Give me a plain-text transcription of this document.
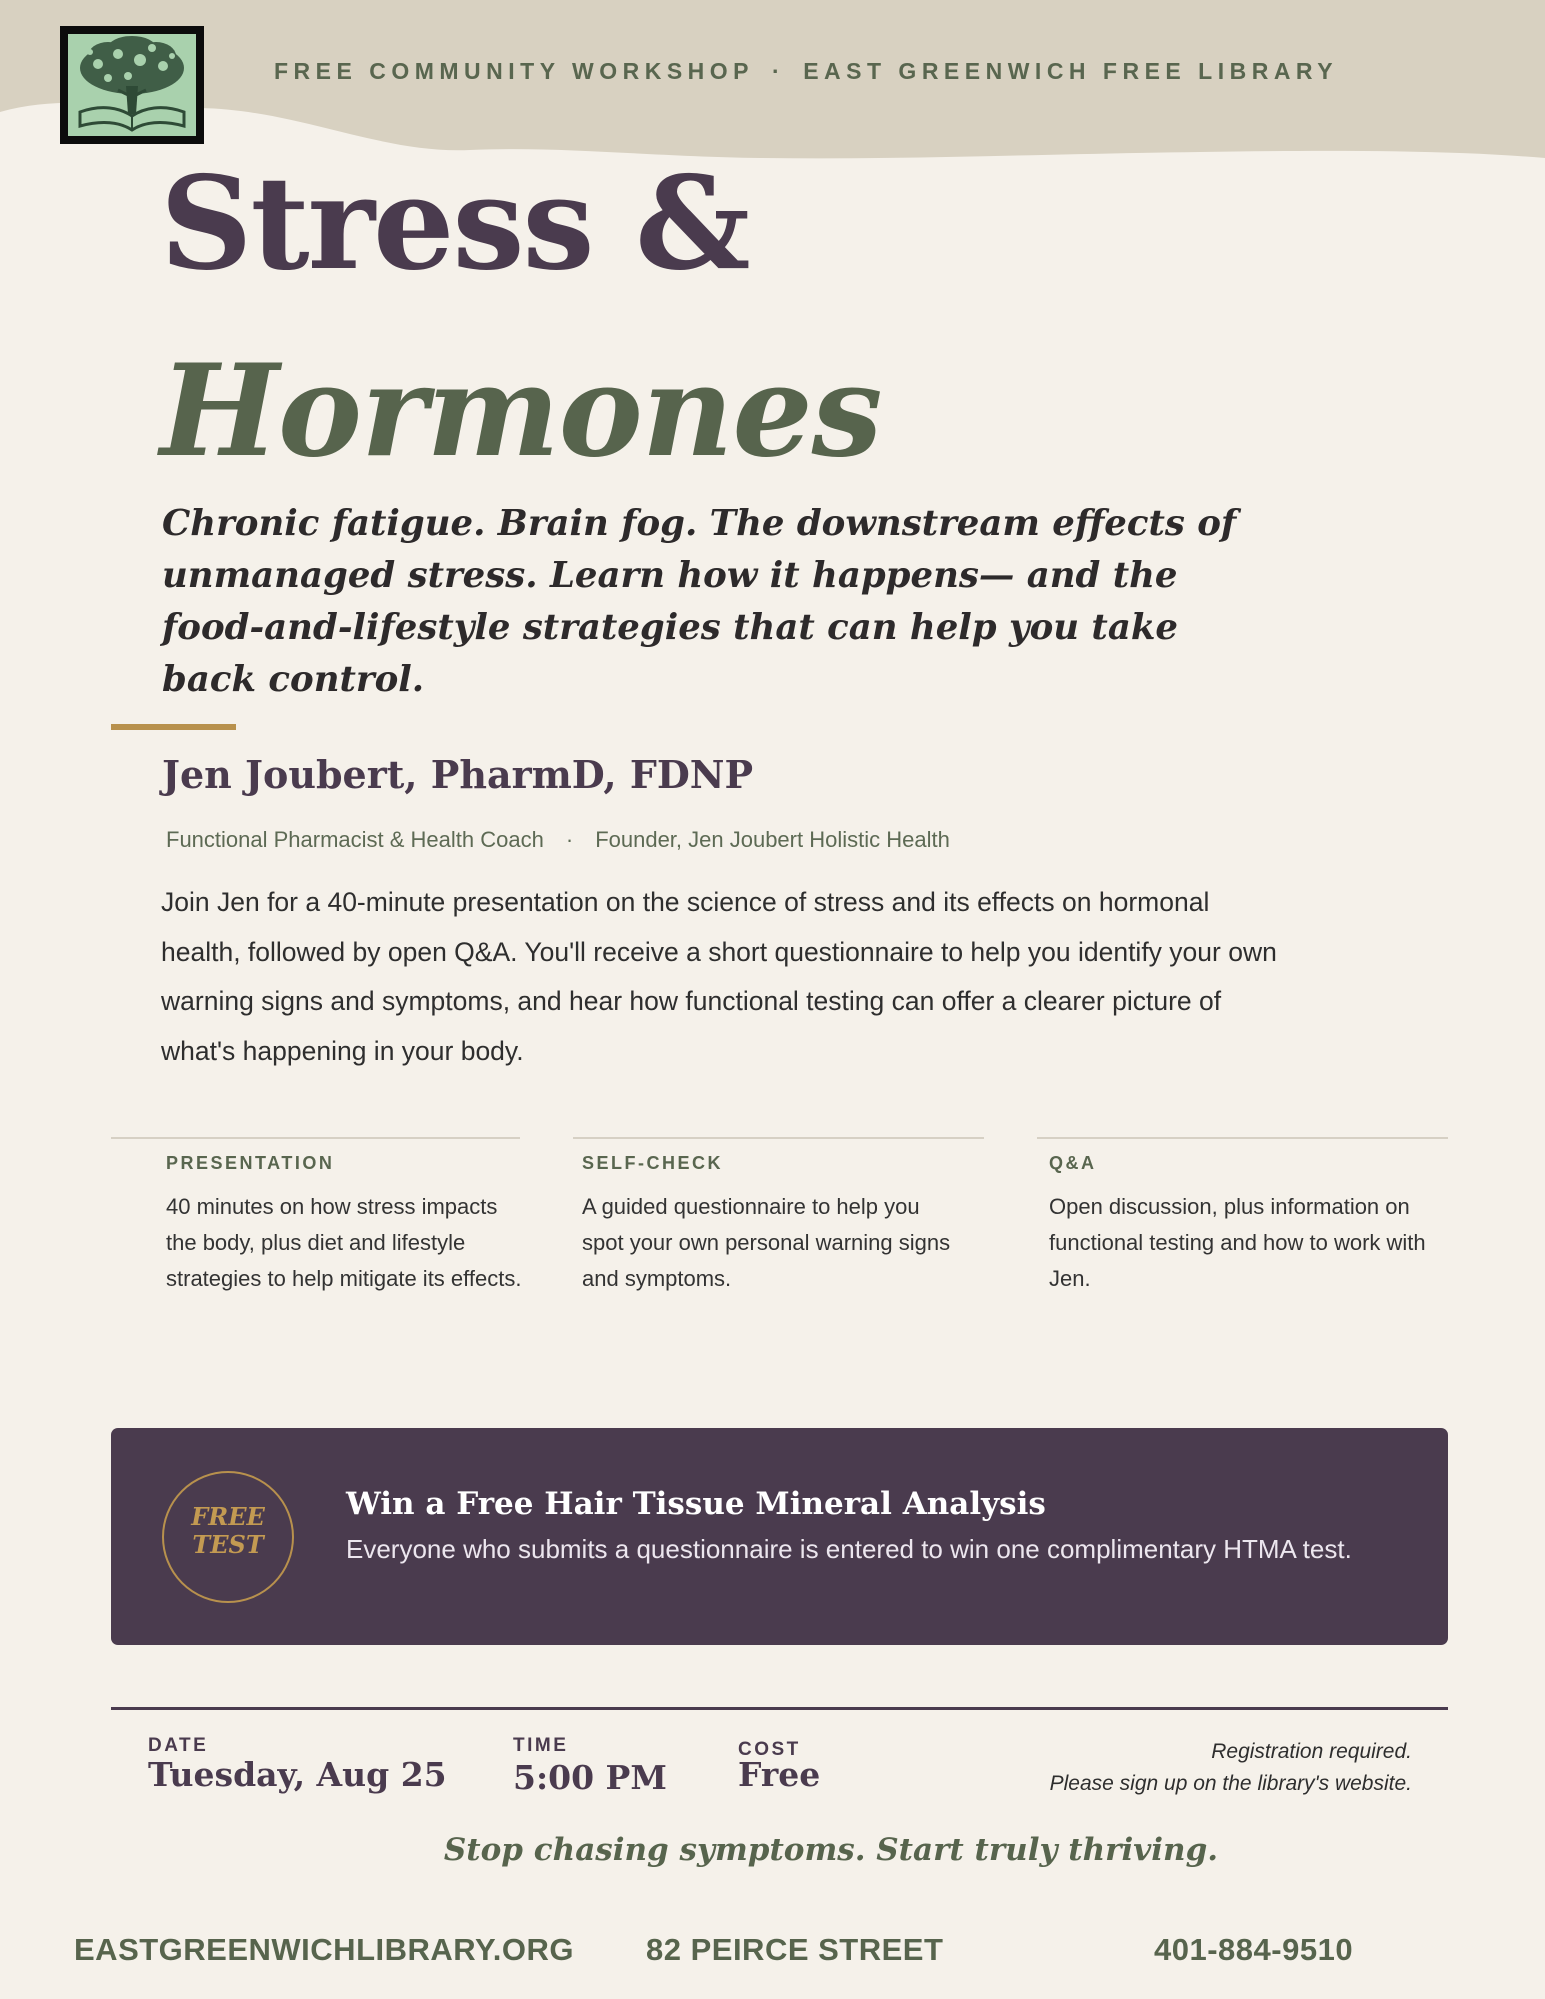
FREE COMMUNITY WORKSHOP · EAST GREENWICH FREE LIBRARY
Stress &
Hormones
Chronic fatigue. Brain fog. The downstream effects of unmanaged stress. Learn how it happens— and the food-and-lifestyle strategies that can help you take back control.
Jen Joubert, PharmD, FDNP
Functional Pharmacist & Health Coach · Founder, Jen Joubert Holistic Health
Join Jen for a 40-minute presentation on the science of stress and its effects on hormonal health, followed by open Q&A. You'll receive a short questionnaire to help you identify your own warning signs and symptoms, and hear how functional testing can offer a clearer picture of what's happening in your body.
PRESENTATION
40 minutes on how stress impacts the body, plus diet and lifestyle strategies to help mitigate its effects.
SELF-CHECK
A guided questionnaire to help you spot your own personal warning signs and symptoms.
Q&A
Open discussion, plus information on functional testing and how to work with Jen.
FREE
TEST
Win a Free Hair Tissue Mineral Analysis
Everyone who submits a questionnaire is entered to win one complimentary HTMA test.
DATE
Tuesday, Aug 25
TIME
5:00 PM
COST
Free
Registration required.
Please sign up on the library's website.
Stop chasing symptoms. Start truly thriving.
EASTGREENWICHLIBRARY.ORG 82 PEIRCE STREET	401-884-9510
